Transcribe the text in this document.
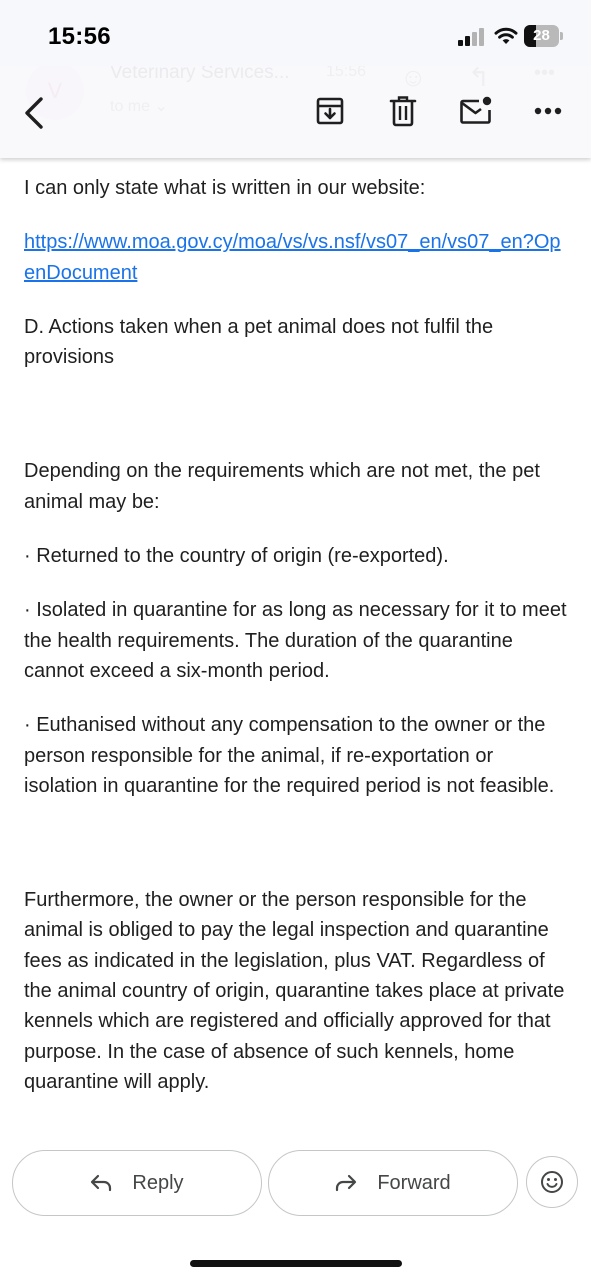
15:56	28

I can only state what is written in our website:

https://www.moa.gov.cy/moa/vs/vs.nsf/vs07_en/vs07_en?OpenDocument

D. Actions taken when a pet animal does not fulfil the provisions

Depending on the requirements which are not met, the pet animal may be:

· Returned to the country of origin (re-exported).

· Isolated in quarantine for as long as necessary for it to meet the health requirements. The duration of the quarantine cannot exceed a six-month period.

· Euthanised without any compensation to the owner or the person responsible for the animal, if re-exportation or isolation in quarantine for the required period is not feasible.

Furthermore, the owner or the person responsible for the animal is obliged to pay the legal inspection and quarantine fees as indicated in the legislation, plus VAT. Regardless of the animal country of origin, quarantine takes place at private kennels which are registered and officially approved for that purpose. In the case of absence of such kennels, home quarantine will apply.

Reply	Forward
